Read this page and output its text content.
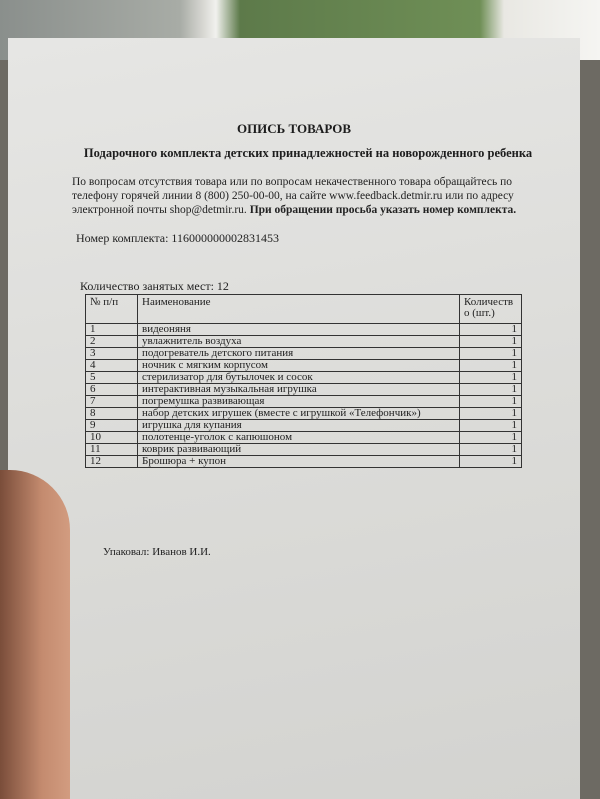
ОПИСЬ ТОВАРОВ
Подарочного комплекта детских принадлежностей на новорожденного ребенка
По вопросам отсутствия товара или по вопросам некачественного товара обращайтесь по телефону горячей линии 8 (800) 250-00-00, на сайте www.feedback.detmir.ru или по адресу электронной почты shop@detmir.ru. При обращении просьба указать номер комплекта.
Номер комплекта: 116000000002831453
Количество занятых мест: 12
№ п/п	Наименование	Количество (шт.)
1	видеоняня	1
2	увлажнитель воздуха	1
3	подогреватель детского питания	1
4	ночник с мягким корпусом	1
5	стерилизатор для бутылочек и сосок	1
6	интерактивная музыкальная игрушка	1
7	погремушка развивающая	1
8	набор детских игрушек (вместе с игрушкой «Телефончик»)	1
9	игрушка для купания	1
10	полотенце-уголок с капюшоном	1
11	коврик развивающий	1
12	Брошюра + купон	1
Упаковал: Иванов И.И.
